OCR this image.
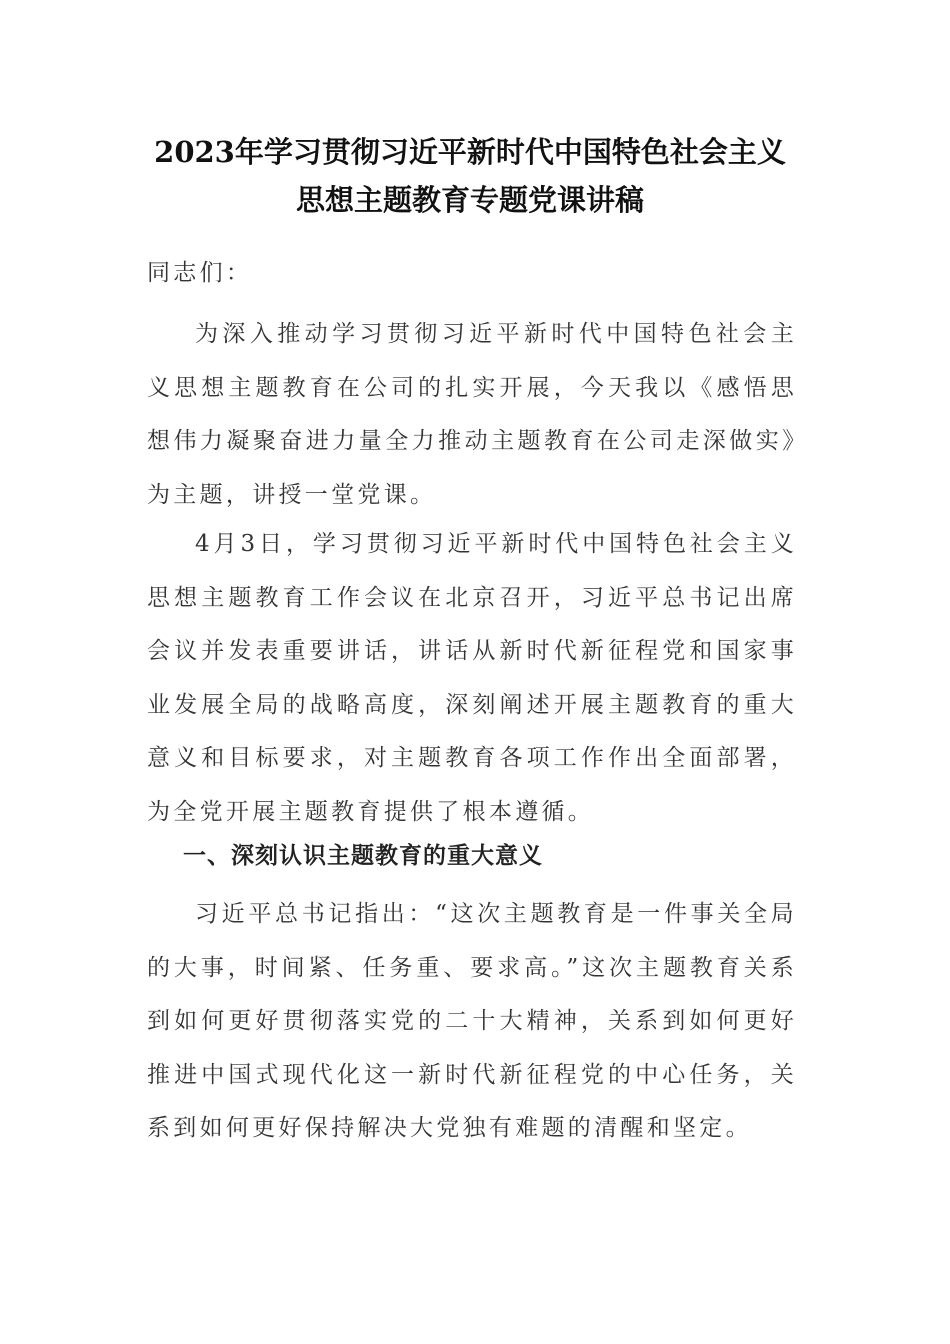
2023年学习贯彻习近平新时代中国特色社会主义思想主题教育专题党课讲稿

同志们：

为深入推动学习贯彻习近平新时代中国特色社会主义思想主题教育在公司的扎实开展，今天我以《感悟思想伟力凝聚奋进力量全力推动主题教育在公司走深做实》为主题，讲授一堂党课。

4月3日，学习贯彻习近平新时代中国特色社会主义思想主题教育工作会议在北京召开，习近平总书记出席会议并发表重要讲话，讲话从新时代新征程党和国家事业发展全局的战略高度，深刻阐述开展主题教育的重大意义和目标要求，对主题教育各项工作作出全面部署，为全党开展主题教育提供了根本遵循。

一、深刻认识主题教育的重大意义

习近平总书记指出：“这次主题教育是一件事关全局的大事，时间紧、任务重、要求高。”这次主题教育关系到如何更好贯彻落实党的二十大精神，关系到如何更好推进中国式现代化这一新时代新征程党的中心任务，关系到如何更好保持解决大党独有难题的清醒和坚定。
